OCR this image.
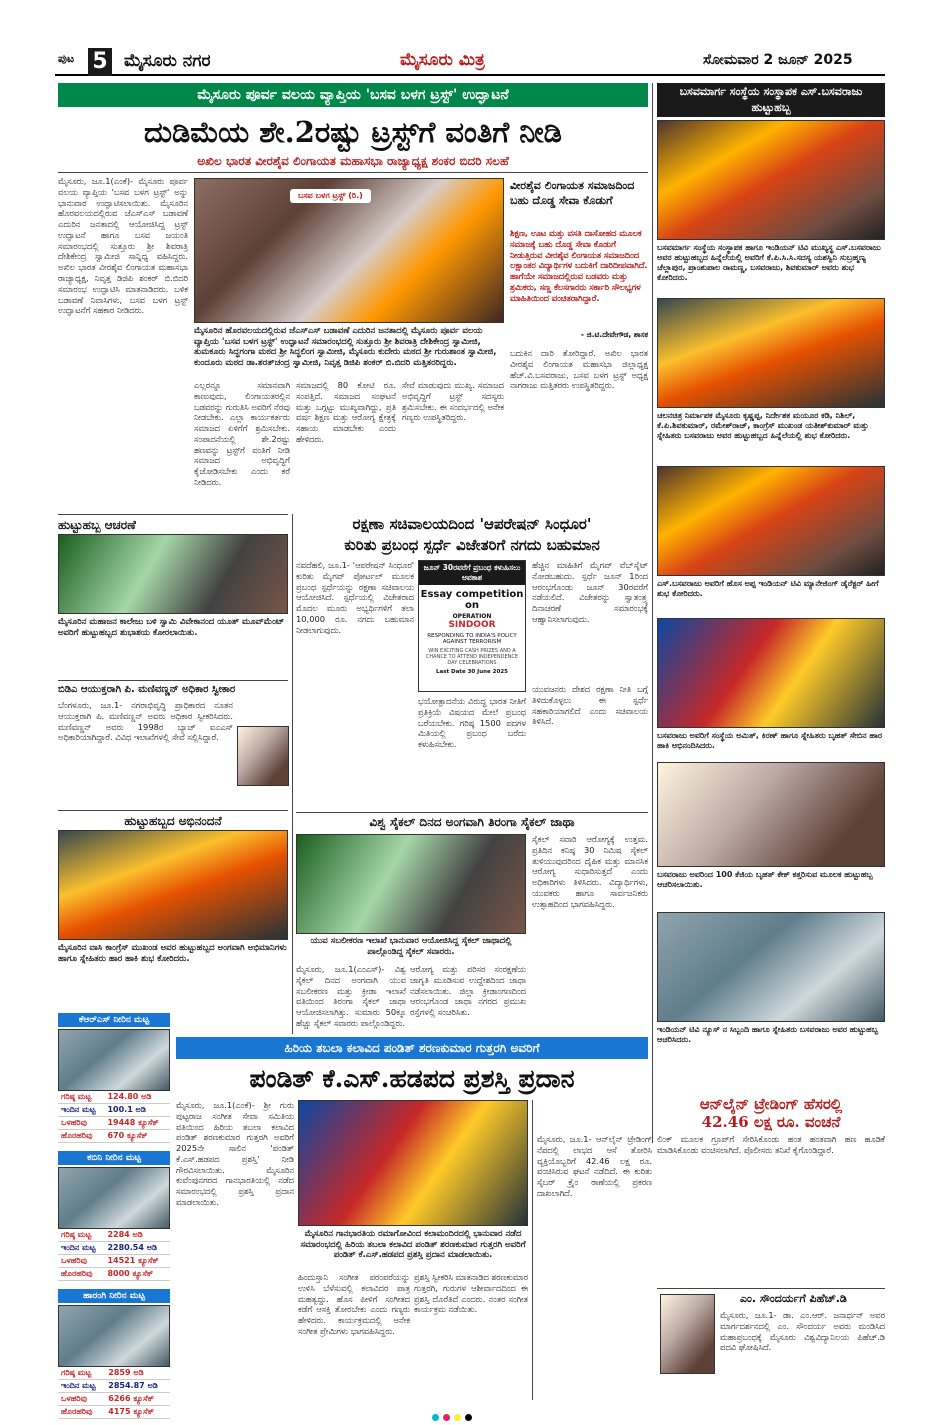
ಪುಟ 5 ಮೈಸೂರು ನಗರ	ಮೈಸೂರು ಮಿತ್ರ	ಸೋಮವಾರ 2 ಜೂನ್ 2025
ಮೈಸೂರು ಪೂರ್ವ ವಲಯ ವ್ಯಾಪ್ತಿಯ 'ಬಸವ ಬಳಗ ಟ್ರಸ್ಟ್' ಉದ್ಘಾಟನೆ
ದುಡಿಮೆಯ ಶೇ.2ರಷ್ಟು ಟ್ರಸ್ಟ್‌ಗೆ ವಂತಿಗೆ ನೀಡಿ
ಅಖಿಲ ಭಾರತ ವೀರಶೈವ ಲಿಂಗಾಯತ ಮಹಾಸಭಾ ರಾಜ್ಯಾಧ್ಯಕ್ಷ ಶಂಕರ ಬಿದರಿ ಸಲಹೆ
ಮೈಸೂರು, ಜೂ.1(ಎಂಕೆ)- ಮೈಸೂರು ಪೂರ್ವ ವಲಯ ವ್ಯಾಪ್ತಿಯ 'ಬಸವ ಬಳಗ ಟ್ರಸ್ಟ್' ಅನ್ನು ಭಾನುವಾರ ಉದ್ಘಾಟಿಸಲಾಯಿತು. ಮೈಸೂರಿನ ಹೊರವಲಯದಲ್ಲಿರುವ ಜೆಎಸ್‌ಎಸ್ ಬಡಾವಣೆ ಎದುರಿನ ಜನತಾದಲ್ಲಿ ಆಯೋಜಿಸಿದ್ದ ಟ್ರಸ್ಟ್ ಉದ್ಘಾಟನೆ ಹಾಗೂ ಬಸವ ಜಯಂತಿ ಸಮಾರಂಭದಲ್ಲಿ ಸುತ್ತೂರು ಶ್ರೀ ಶಿವರಾತ್ರಿ ದೇಶಿಕೇಂದ್ರ ಸ್ವಾಮೀಜಿ ಸಾನ್ನಿಧ್ಯ ವಹಿಸಿದ್ದರು. ಅಖಿಲ ಭಾರತ ವೀರಶೈವ ಲಿಂಗಾಯತ ಮಹಾಸಭಾ ರಾಜ್ಯಾಧ್ಯಕ್ಷ, ನಿವೃತ್ತ ಡಿಜಿಪಿ ಶಂಕರ್ ಬಿ.ಬಿದರಿ ಸಮಾರಂಭ ಉದ್ಘಾಟಿಸಿ ಮಾತನಾಡಿದರು. ಬಳಿಕ ಬಡಾವಣೆ ನಿವಾಸಿಗಳು, ಬಸವ ಬಳಗ ಟ್ರಸ್ಟ್ ಉದ್ಘಾಟನೆಗೆ ಸಹಕಾರ ನೀಡಿದರು.
ಬಸವ ಬಳಗ ಟ್ರಸ್ಟ್ (ರಿ.)
ಮೈಸೂರಿನ ಹೊರವಲಯದಲ್ಲಿರುವ ಜೆಎಸ್‌ಎಸ್ ಬಡಾವಣೆ ಎದುರಿನ ಜನತಾದಲ್ಲಿ ಮೈಸೂರು ಪೂರ್ವ ವಲಯ ವ್ಯಾಪ್ತಿಯ 'ಬಸವ ಬಳಗ ಟ್ರಸ್ಟ್' ಉದ್ಘಾಟನೆ ಸಮಾರಂಭದಲ್ಲಿ ಸುತ್ತೂರು ಶ್ರೀ ಶಿವರಾತ್ರಿ ದೇಶಿಕೇಂದ್ರ ಸ್ವಾಮೀಜಿ, ತುಮಕೂರು ಸಿದ್ಧಗಂಗಾ ಮಠದ ಶ್ರೀ ಸಿದ್ಧಲಿಂಗ ಸ್ವಾಮೀಜಿ, ಮೈಸೂರು ಕುದೇರು ಮಠದ ಶ್ರೀ ಗುರುಶಾಂತ ಸ್ವಾಮೀಜಿ, ಕುಂದೂರು ಮಠದ ಡಾ.ಶರತ್‌ಚಂದ್ರ ಸ್ವಾಮೀಜಿ, ನಿವೃತ್ತ ಡಿಜಿಪಿ ಶಂಕರ್ ಬಿ.ಬಿದರಿ ಮತ್ತಿತರರಿದ್ದರು.
ವೀರಶೈವ ಲಿಂಗಾಯತ ಸಮಾಜದಿಂದ ಬಹು ದೊಡ್ಡ ಸೇವಾ ಕೊಡುಗೆ
ಶಿಕ್ಷಣ, ಊಟ ಮತ್ತು ವಸತಿ ದಾಸೋಹದ ಮೂಲಕ ಸಮಾಜಕ್ಕೆ ಬಹು ದೊಡ್ಡ ಸೇವಾ ಕೊಡುಗೆ ನೀಡುತ್ತಿರುವ ವೀರಶೈವ ಲಿಂಗಾಯತ ಸಮಾಜದಿಂದ ಲಕ್ಷಾಂತರ ವಿದ್ಯಾರ್ಥಿಗಳ ಬದುಕಿಗೆ ದಾರಿದೀಪವಾಗಿದೆ. ಹಾಗೆಯೇ ಸಮಾಜದಲ್ಲಿರುವ ಬಡವರು ಮತ್ತು ಶ್ರಮಿಕರು, ಸಣ್ಣ ಕೆಲಸಗಾರರು ಸರ್ಕಾರಿ ಸೌಲಭ್ಯಗಳ ಮಾಹಿತಿಯಿಂದ ವಂಚಿತರಾಗಿದ್ದಾರೆ.
- ಜಿ.ಟಿ.ದೇವೇಗೌಡ, ಶಾಸಕ
ಎಲ್ಲರನ್ನೂ ಸಮಾನವಾಗಿ ಕಾಣುವುದು, ಲಿಂಗಾಯತರಲ್ಲಿನ ಬಡವರನ್ನು ಗುರುತಿಸಿ ಅವರಿಗೆ ನೆರವು ನೀಡಬೇಕು. ಎಲ್ಲಾ ಕಾರ್ಯಕರ್ತರು ಸಮಾಜದ ಏಳಿಗೆಗೆ ಶ್ರಮಿಸಬೇಕು. ಸಂಪಾದನೆಯಲ್ಲಿ ಶೇ.2ರಷ್ಟು ಹಣವನ್ನು ಟ್ರಸ್ಟ್‌ಗೆ ವಂತಿಗೆ ನೀಡಿ ಸಮಾಜದ ಅಭಿವೃದ್ಧಿಗೆ ಕೈಜೋಡಿಸಬೇಕು ಎಂದು ಕರೆ ನೀಡಿದರು.
ಸಮಾಜದಲ್ಲಿ 80 ಕೋಟಿ ರೂ. ಸಂಪತ್ತಿದೆ. ಸಮಾಜದ ಸಂಘಟನೆ ಮತ್ತು ಒಗ್ಗಟ್ಟು ಮುಖ್ಯವಾಗಿದ್ದು, ಪ್ರತಿ ವರ್ಷ ಶಿಕ್ಷಣ ಮತ್ತು ಆರೋಗ್ಯ ಕ್ಷೇತ್ರಕ್ಕೆ ಸಹಾಯ ಮಾಡಬೇಕು ಎಂದು ಹೇಳಿದರು.
ಸೇವೆ ಮಾಡುವುದು ಮುಖ್ಯ. ಸಮಾಜದ ಅಭಿವೃದ್ಧಿಗೆ ಟ್ರಸ್ಟ್ ಸದಸ್ಯರು ಶ್ರಮಿಸಬೇಕು. ಈ ಸಂದರ್ಭದಲ್ಲಿ ಅನೇಕ ಗಣ್ಯರು ಉಪಸ್ಥಿತರಿದ್ದರು.
ಬದುಕಿನ ದಾರಿ ತೋರಿದ್ದಾರೆ. ಅಖಿಲ ಭಾರತ ವೀರಶೈವ ಲಿಂಗಾಯತ ಮಹಾಸಭಾ ಜಿಲ್ಲಾಧ್ಯಕ್ಷ ಹೆಚ್.ವಿ.ಬಸವರಾಜು, ಬಸವ ಬಳಗ ಟ್ರಸ್ಟ್ ಅಧ್ಯಕ್ಷ ನಾಗರಾಜು ಮತ್ತಿತರರು ಉಪಸ್ಥಿತರಿದ್ದರು.
ಬಸವಮಾರ್ಗ ಸಂಸ್ಥೆಯ ಸಂಸ್ಥಾಪಕ ಎಸ್.ಬಸವರಾಜು ಹುಟ್ಟುಹಬ್ಬ
ಬಸವಮಾರ್ಗ ಸಂಸ್ಥೆಯ ಸಂಸ್ಥಾಪಕ ಹಾಗೂ ಇಂಡಿಯನ್ ಟಿವಿ ಮುಖ್ಯಸ್ಥ ಎಸ್.ಬಸವರಾಜು ಅವರ ಹುಟ್ಟುಹಬ್ಬದ ಹಿನ್ನೆಲೆಯಲ್ಲಿ ಅವರಿಗೆ ಕೆ.ಪಿ.ಸಿ.ಸಿ.ಸದಸ್ಯ ಯಶಸ್ವಿನಿ ಸುಬ್ರಹ್ಮಣ್ಯ ಚೆಲ್ಲಾಪುರ, ಪ್ರಾಂಶುಪಾಲ ರಾಮಣ್ಣ, ಬಸವರಾಜು, ಶಿವಕುಮಾರ್ ಅವರು ಶುಭ ಕೋರಿದರು.
ಚಲನಚಿತ್ರ ನಿರ್ಮಾಪಕ ಮೈಸೂರು ಕೃಷ್ಣಪ್ಪ, ನಿರ್ದೇಶಕ ಮಯೂರ ಕಡಿ, ನಿಶಿಲ್, ಕೆ.ಪಿ.ಶಿವಕುಮಾರ್, ರಮೇಶ್‌ರಾಜ್, ಕಾಂಗ್ರೆಸ್ ಮುಖಂಡ ಯತೀಶ್‌ಕುಮಾರ್ ಮತ್ತು ಸ್ನೇಹಿತರು ಬಸವರಾಜು ಅವರ ಹುಟ್ಟುಹಬ್ಬದ ಹಿನ್ನೆಲೆಯಲ್ಲಿ ಶುಭ ಕೋರಿದರು.
ಎಸ್.ಬಸವರಾಜು ಅವರಿಗೆ ಹೊಸ ಅಪ್ಪ ಇಂಡಿಯನ್ ಟಿವಿ ಮ್ಯಾನೇಜಿಂಗ್ ಡೈರೆಕ್ಟರ್ ಹೀಗೆ ಶುಭ ಕೋರಿದರು.
ಬಸವರಾಜು ಅವರಿಗೆ ಸಂಸ್ಥೆಯ ಅಮಿತ್, ಕಿರಣ್ ಹಾಗೂ ಸ್ನೇಹಿತರು ಬೃಹತ್ ಸೇಬಿನ ಹಾರ ಹಾಕಿ ಅಭಿನಂದಿಸಿದರು.
ಬಸವರಾಜು ಅವರಿಂದ 100 ಕೆಜಿಯ ಬೃಹತ್ ಕೇಕ್ ಕತ್ತರಿಸುವ ಮೂಲಕ ಹುಟ್ಟುಹಬ್ಬ ಆಚರಿಸಲಾಯಿತು.
ಇಂಡಿಯನ್ ಟಿವಿ ನ್ಯೂಸ್ ನ ಸಿಬ್ಬಂದಿ ಹಾಗೂ ಸ್ನೇಹಿತರು ಬಸವರಾಜು ಅವರ ಹುಟ್ಟುಹಬ್ಬ ಆಚರಿಸಿದರು.
ಹುಟ್ಟುಹಬ್ಬ ಆಚರಣೆ
ಮೈಸೂರಿನ ಮಹಾಜನ ಕಾಲೇಜು ಬಳಿ ಸ್ವಾಮಿ ವಿವೇಕಾನಂದ ಯೂತ್ ಮೂವ್‌ಮೆಂಟ್ ಅವರಿಗೆ ಹುಟ್ಟುಹಬ್ಬದ ಶುಭಾಶಯ ಕೋರಲಾಯಿತು.
ಬಿಡಿಎ ಆಯುಕ್ತರಾಗಿ ಪಿ. ಮಣಿವಣ್ಣನ್ ಅಧಿಕಾರ ಸ್ವೀಕಾರ
ಬೆಂಗಳೂರು, ಜೂ.1- ನಗರಾಭಿವೃದ್ಧಿ ಪ್ರಾಧಿಕಾರದ ನೂತನ ಆಯುಕ್ತರಾಗಿ ಪಿ. ಮಣಿವಣ್ಣನ್ ಅವರು ಅಧಿಕಾರ ಸ್ವೀಕರಿಸಿದರು. ಮಣಿವಣ್ಣನ್ ಅವರು 1998ರ ಬ್ಯಾಚ್ ಐಎಎಸ್ ಅಧಿಕಾರಿಯಾಗಿದ್ದಾರೆ. ವಿವಿಧ ಇಲಾಖೆಗಳಲ್ಲಿ ಸೇವೆ ಸಲ್ಲಿಸಿದ್ದಾರೆ.
ಹುಟ್ಟುಹಬ್ಬದ ಅಭಿನಂದನೆ
ಮೈಸೂರಿನ ವಾಸಿ ಕಾಂಗ್ರೆಸ್ ಮುಖಂಡ ಅವರ ಹುಟ್ಟುಹಬ್ಬದ ಅಂಗವಾಗಿ ಅಭಿಮಾನಿಗಳು ಹಾಗೂ ಸ್ನೇಹಿತರು ಹಾರ ಹಾಕಿ ಶುಭ ಕೋರಿದರು.
ಕೆಆರ್‌ಎಸ್ ನೀರಿನ ಮಟ್ಟ
ಗರಿಷ್ಠ ಮಟ್ಟ	124.80 ಅಡಿ
ಇಂದಿನ ಮಟ್ಟ	100.1 ಅಡಿ
ಒಳಹರಿವು	19448 ಕ್ಯೂಸೆಕ್
ಹೊರಹರಿವು	670 ಕ್ಯೂಸೆಕ್
ಕಬಿನಿ ನೀರಿನ ಮಟ್ಟ
ಗರಿಷ್ಠ ಮಟ್ಟ	2284 ಅಡಿ
ಇಂದಿನ ಮಟ್ಟ	2280.54 ಅಡಿ
ಒಳಹರಿವು	14521 ಕ್ಯೂಸೆಕ್
ಹೊರಹರಿವು	8000 ಕ್ಯೂಸೆಕ್
ಹಾರಂಗಿ ನೀರಿನ ಮಟ್ಟ
ಗರಿಷ್ಠ ಮಟ್ಟ	2859 ಅಡಿ
ಇಂದಿನ ಮಟ್ಟ	2854.87 ಅಡಿ
ಒಳಹರಿವು	6266 ಕ್ಯೂಸೆಕ್
ಹೊರಹರಿವು	4175 ಕ್ಯೂಸೆಕ್
ರಕ್ಷಣಾ ಸಚಿವಾಲಯದಿಂದ 'ಆಪರೇಷನ್ ಸಿಂಧೂರ'
ಕುರಿತು ಪ್ರಬಂಧ ಸ್ಪರ್ಧೆ ವಿಜೇತರಿಗೆ ನಗದು ಬಹುಮಾನ
ನವದೆಹಲಿ, ಜೂ.1- 'ಆಪರೇಷನ್ ಸಿಂಧೂರ' ಕುರಿತು ಮೈಗವ್ ಪೋರ್ಟಲ್ ಮೂಲಕ ಪ್ರಬಂಧ ಸ್ಪರ್ಧೆಯನ್ನು ರಕ್ಷಣಾ ಸಚಿವಾಲಯ ಆಯೋಜಿಸಿದೆ. ಸ್ಪರ್ಧೆಯಲ್ಲಿ ವಿಜೇತರಾದ ಮೊದಲ ಮೂರು ಅಭ್ಯರ್ಥಿಗಳಿಗೆ ತಲಾ 10,000 ರೂ. ನಗದು ಬಹುಮಾನ ನೀಡಲಾಗುವುದು.
ಜೂನ್ 30ರವರೆಗೆ ಪ್ರಬಂಧ ಕಳುಹಿಸಲು ಅವಕಾಶ
Essay competition on
OPERATION
SINDOOR
RESPONDING TO INDIA'S POLICY AGAINST TERRORISM
WIN EXCITING CASH PRIZES AND A CHANCE TO ATTEND INDEPENDENCE DAY CELEBRATIONS
Last Date 30 June 2025
ಭಯೋತ್ಪಾದನೆಯ ವಿರುದ್ಧ ಭಾರತ ನೀತಿಗೆ ಪ್ರತಿಕ್ರಿಯೆ ವಿಷಯದ ಮೇಲೆ ಪ್ರಬಂಧ ಬರೆಯಬೇಕು. ಗರಿಷ್ಠ 1500 ಪದಗಳ ಮಿತಿಯಲ್ಲಿ ಪ್ರಬಂಧ ಬರೆದು ಕಳುಹಿಸಬೇಕು.
ಹೆಚ್ಚಿನ ಮಾಹಿತಿಗೆ ಮೈಗವ್ ವೆಬ್‌ಸೈಟ್ ನೋಡಬಹುದು. ಸ್ಪರ್ಧೆ ಜೂನ್ 1ರಿಂದ ಆರಂಭಗೊಂಡು ಜೂನ್ 30ರವರೆಗೆ ನಡೆಯಲಿದೆ. ವಿಜೇತರನ್ನು ಸ್ವಾತಂತ್ರ್ಯ ದಿನಾಚರಣೆ ಸಮಾರಂಭಕ್ಕೆ ಆಹ್ವಾನಿಸಲಾಗುವುದು.
ಯುವಜನರು ದೇಶದ ರಕ್ಷಣಾ ನೀತಿ ಬಗ್ಗೆ ತಿಳಿದುಕೊಳ್ಳಲು ಈ ಸ್ಪರ್ಧೆ ಸಹಕಾರಿಯಾಗಲಿದೆ ಎಂದು ಸಚಿವಾಲಯ ತಿಳಿಸಿದೆ.
ವಿಶ್ವ ಸೈಕಲ್ ದಿನದ ಅಂಗವಾಗಿ ತಿರಂಗಾ ಸೈಕಲ್ ಜಾಥಾ
ಯುವ ಸಬಲೀಕರಣ ಇಲಾಖೆ ಭಾನುವಾರ ಆಯೋಜಿಸಿದ್ದ ಸೈಕಲ್ ಜಾಥಾದಲ್ಲಿ ಪಾಲ್ಗೊಂಡಿದ್ದ ಸೈಕಲ್ ಸವಾರರು.
ಮೈಸೂರು, ಜೂ.1(ಎಂಎಸ್)- ವಿಶ್ವ ಸೈಕಲ್ ದಿನದ ಅಂಗವಾಗಿ ಯುವ ಸಬಲೀಕರಣ ಮತ್ತು ಕ್ರೀಡಾ ಇಲಾಖೆ ವತಿಯಿಂದ ತಿರಂಗಾ ಸೈಕಲ್ ಜಾಥಾ ಆಯೋಜಿಸಲಾಗಿತ್ತು. ಸುಮಾರು 50ಕ್ಕೂ ಹೆಚ್ಚು ಸೈಕಲ್ ಸವಾರರು ಪಾಲ್ಗೊಂಡಿದ್ದರು.
ಆರೋಗ್ಯ ಮತ್ತು ಪರಿಸರ ಸಂರಕ್ಷಣೆಯ ಜಾಗೃತಿ ಮೂಡಿಸುವ ಉದ್ದೇಶದಿಂದ ಜಾಥಾ ನಡೆಸಲಾಯಿತು. ಜಿಲ್ಲಾ ಕ್ರೀಡಾಂಗಣದಿಂದ ಆರಂಭಗೊಂಡ ಜಾಥಾ ನಗರದ ಪ್ರಮುಖ ರಸ್ತೆಗಳಲ್ಲಿ ಸಂಚರಿಸಿತು.
ಸೈಕಲ್ ಸವಾರಿ ಆರೋಗ್ಯಕ್ಕೆ ಉತ್ತಮ. ಪ್ರತಿದಿನ ಕನಿಷ್ಠ 30 ನಿಮಿಷ ಸೈಕಲ್ ತುಳಿಯುವುದರಿಂದ ದೈಹಿಕ ಮತ್ತು ಮಾನಸಿಕ ಆರೋಗ್ಯ ಸುಧಾರಿಸುತ್ತದೆ ಎಂದು ಅಧಿಕಾರಿಗಳು ತಿಳಿಸಿದರು. ವಿದ್ಯಾರ್ಥಿಗಳು, ಯುವಕರು ಹಾಗೂ ಸಾರ್ವಜನಿಕರು ಉತ್ಸಾಹದಿಂದ ಭಾಗವಹಿಸಿದ್ದರು.
ಹಿರಿಯ ತಬಲಾ ಕಲಾವಿದ ಪಂಡಿತ್ ಶರಣಕುಮಾರ ಗುತ್ತರಗಿ ಅವರಿಗೆ
ಪಂಡಿತ್ ಕೆ.ಎಸ್.ಹಡಪದ ಪ್ರಶಸ್ತಿ ಪ್ರದಾನ
ಮೈಸೂರು, ಜೂ.1(ಎಂಕೆ)- ಶ್ರೀ ಗುರು ಪುಟ್ಟರಾಜ ಸಂಗೀತ ಸೇವಾ ಸಮಿತಿಯ ವತಿಯಿಂದ ಹಿರಿಯ ತಬಲಾ ಕಲಾವಿದ ಪಂಡಿತ್ ಶರಣಕುಮಾರ ಗುತ್ತರಗಿ ಅವರಿಗೆ 2025ನೇ ಸಾಲಿನ 'ಪಂಡಿತ್ ಕೆ.ಎಸ್.ಹಡಪದ ಪ್ರಶಸ್ತಿ' ನೀಡಿ ಗೌರವಿಸಲಾಯಿತು. ಮೈಸೂರಿನ ಕುವೆಂಪುನಗರದ ಗಾನಭಾರತಿಯಲ್ಲಿ ನಡೆದ ಸಮಾರಂಭದಲ್ಲಿ ಪ್ರಶಸ್ತಿ ಪ್ರದಾನ ಮಾಡಲಾಯಿತು.
ಮೈಸೂರಿನ ಗಾನಭಾರತಿಯ ರಮಾಗೋವಿಂದ ಕಲಾಮಂದಿರದಲ್ಲಿ ಭಾನುವಾರ ನಡೆದ ಸಮಾರಂಭದಲ್ಲಿ ಹಿರಿಯ ತಬಲಾ ಕಲಾವಿದ ಪಂಡಿತ್ ಶರಣಕುಮಾರ ಗುತ್ತರಗಿ ಅವರಿಗೆ ಪಂಡಿತ್ ಕೆ.ಎಸ್.ಹಡಪದ ಪ್ರಶಸ್ತಿ ಪ್ರದಾನ ಮಾಡಲಾಯಿತು.
ಹಿಂದುಸ್ತಾನಿ ಸಂಗೀತ ಪರಂಪರೆಯನ್ನು ಉಳಿಸಿ ಬೆಳೆಸುವಲ್ಲಿ ಕಲಾವಿದರ ಪಾತ್ರ ಮಹತ್ವದ್ದು. ಹೊಸ ಪೀಳಿಗೆ ಸಂಗೀತದ ಕಡೆಗೆ ಆಸಕ್ತಿ ತೋರಬೇಕು ಎಂದು ಗಣ್ಯರು ಹೇಳಿದರು. ಕಾರ್ಯಕ್ರಮದಲ್ಲಿ ಅನೇಕ ಸಂಗೀತ ಪ್ರೇಮಿಗಳು ಭಾಗವಹಿಸಿದ್ದರು.
ಪ್ರಶಸ್ತಿ ಸ್ವೀಕರಿಸಿ ಮಾತನಾಡಿದ ಶರಣಕುಮಾರ ಗುತ್ತರಗಿ, ಗುರುಗಳ ಆಶೀರ್ವಾದದಿಂದ ಈ ಪ್ರಶಸ್ತಿ ದೊರೆತಿದೆ ಎಂದರು. ನಂತರ ಸಂಗೀತ ಕಾರ್ಯಕ್ರಮ ನಡೆಯಿತು.
ಆನ್‌ಲೈನ್ ಟ್ರೇಡಿಂಗ್ ಹೆಸರಲ್ಲಿ
42.46 ಲಕ್ಷ ರೂ. ವಂಚನೆ
ಮೈಸೂರು, ಜೂ.1- ಆನ್‌ಲೈನ್ ಟ್ರೇಡಿಂಗ್ ನೆಪದಲ್ಲಿ ಲಾಭದ ಆಸೆ ತೋರಿಸಿ ವ್ಯಕ್ತಿಯೊಬ್ಬರಿಗೆ 42.46 ಲಕ್ಷ ರೂ. ವಂಚಿಸಿರುವ ಘಟನೆ ನಡೆದಿದೆ. ಈ ಕುರಿತು ಸೈಬರ್ ಕ್ರೈಂ ಠಾಣೆಯಲ್ಲಿ ಪ್ರಕರಣ ದಾಖಲಾಗಿದೆ.
ಲಿಂಕ್ ಮೂಲಕ ಗ್ರೂಪ್‌ಗೆ ಸೇರಿಸಿಕೊಂಡು ಹಂತ ಹಂತವಾಗಿ ಹಣ ಹೂಡಿಕೆ ಮಾಡಿಸಿಕೊಂಡು ವಂಚಿಸಲಾಗಿದೆ. ಪೊಲೀಸರು ತನಿಖೆ ಕೈಗೊಂಡಿದ್ದಾರೆ.
ಎಂ. ಸೌಂದರ್ಯಗೆ ಪಿಹೆಚ್.ಡಿ
ಮೈಸೂರು, ಜೂ.1- ಡಾ. ಎಂ.ಆರ್. ಜನಾರ್ಧನ್ ಅವರ ಮಾರ್ಗದರ್ಶನದಲ್ಲಿ ಎಂ. ಸೌಂದರ್ಯ ಅವರು ಮಂಡಿಸಿದ ಮಹಾಪ್ರಬಂಧಕ್ಕೆ ಮೈಸೂರು ವಿಶ್ವವಿದ್ಯಾನಿಲಯ ಪಿಹೆಚ್.ಡಿ ಪದವಿ ಘೋಷಿಸಿದೆ.
